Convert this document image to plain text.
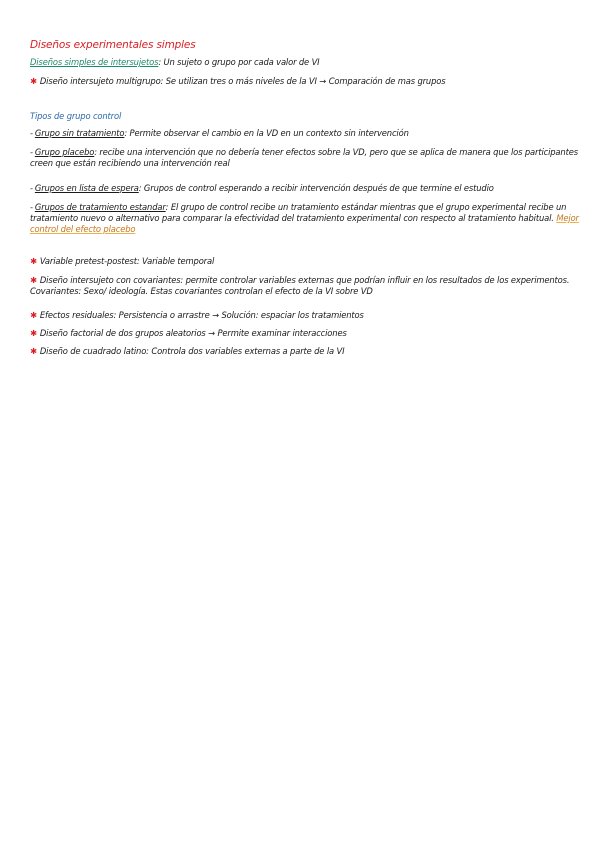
Diseños experimentales simples
Diseños simples de intersujetos: Un sujeto o grupo por cada valor de VI
✱ Diseño intersujeto multigrupo: Se utilizan tres o más niveles de la VI → Comparación de mas grupos
Tipos de grupo control
- Grupo sin tratamiento: Permite observar el cambio en la VD en un contexto sin intervención
- Grupo placebo: recibe una intervención que no debería tener efectos sobre la VD, pero que se aplica de manera que los participantes creen que están recibiendo una intervención real
- Grupos en lista de espera: Grupos de control esperando a recibir intervención después de que termine el estudio
- Grupos de tratamiento estandar: El grupo de control recibe un tratamiento estándar mientras que el grupo experimental recibe un tratamiento nuevo o alternativo para comparar la efectividad del tratamiento experimental con respecto al tratamiento habitual. Mejor control del efecto placebo
✱ Variable pretest-postest: Variable temporal
✱ Diseño intersujeto con covariantes: permite controlar variables externas que podrían influir en los resultados de los experimentos. Covariantes: Sexo/ ideología. Estas covariantes controlan el efecto de la VI sobre VD
✱ Efectos residuales: Persistencia o arrastre → Solución: espaciar los tratamientos
✱ Diseño factorial de dos grupos aleatorios → Permite examinar interacciones
✱ Diseño de cuadrado latino: Controla dos variables externas a parte de la VI
